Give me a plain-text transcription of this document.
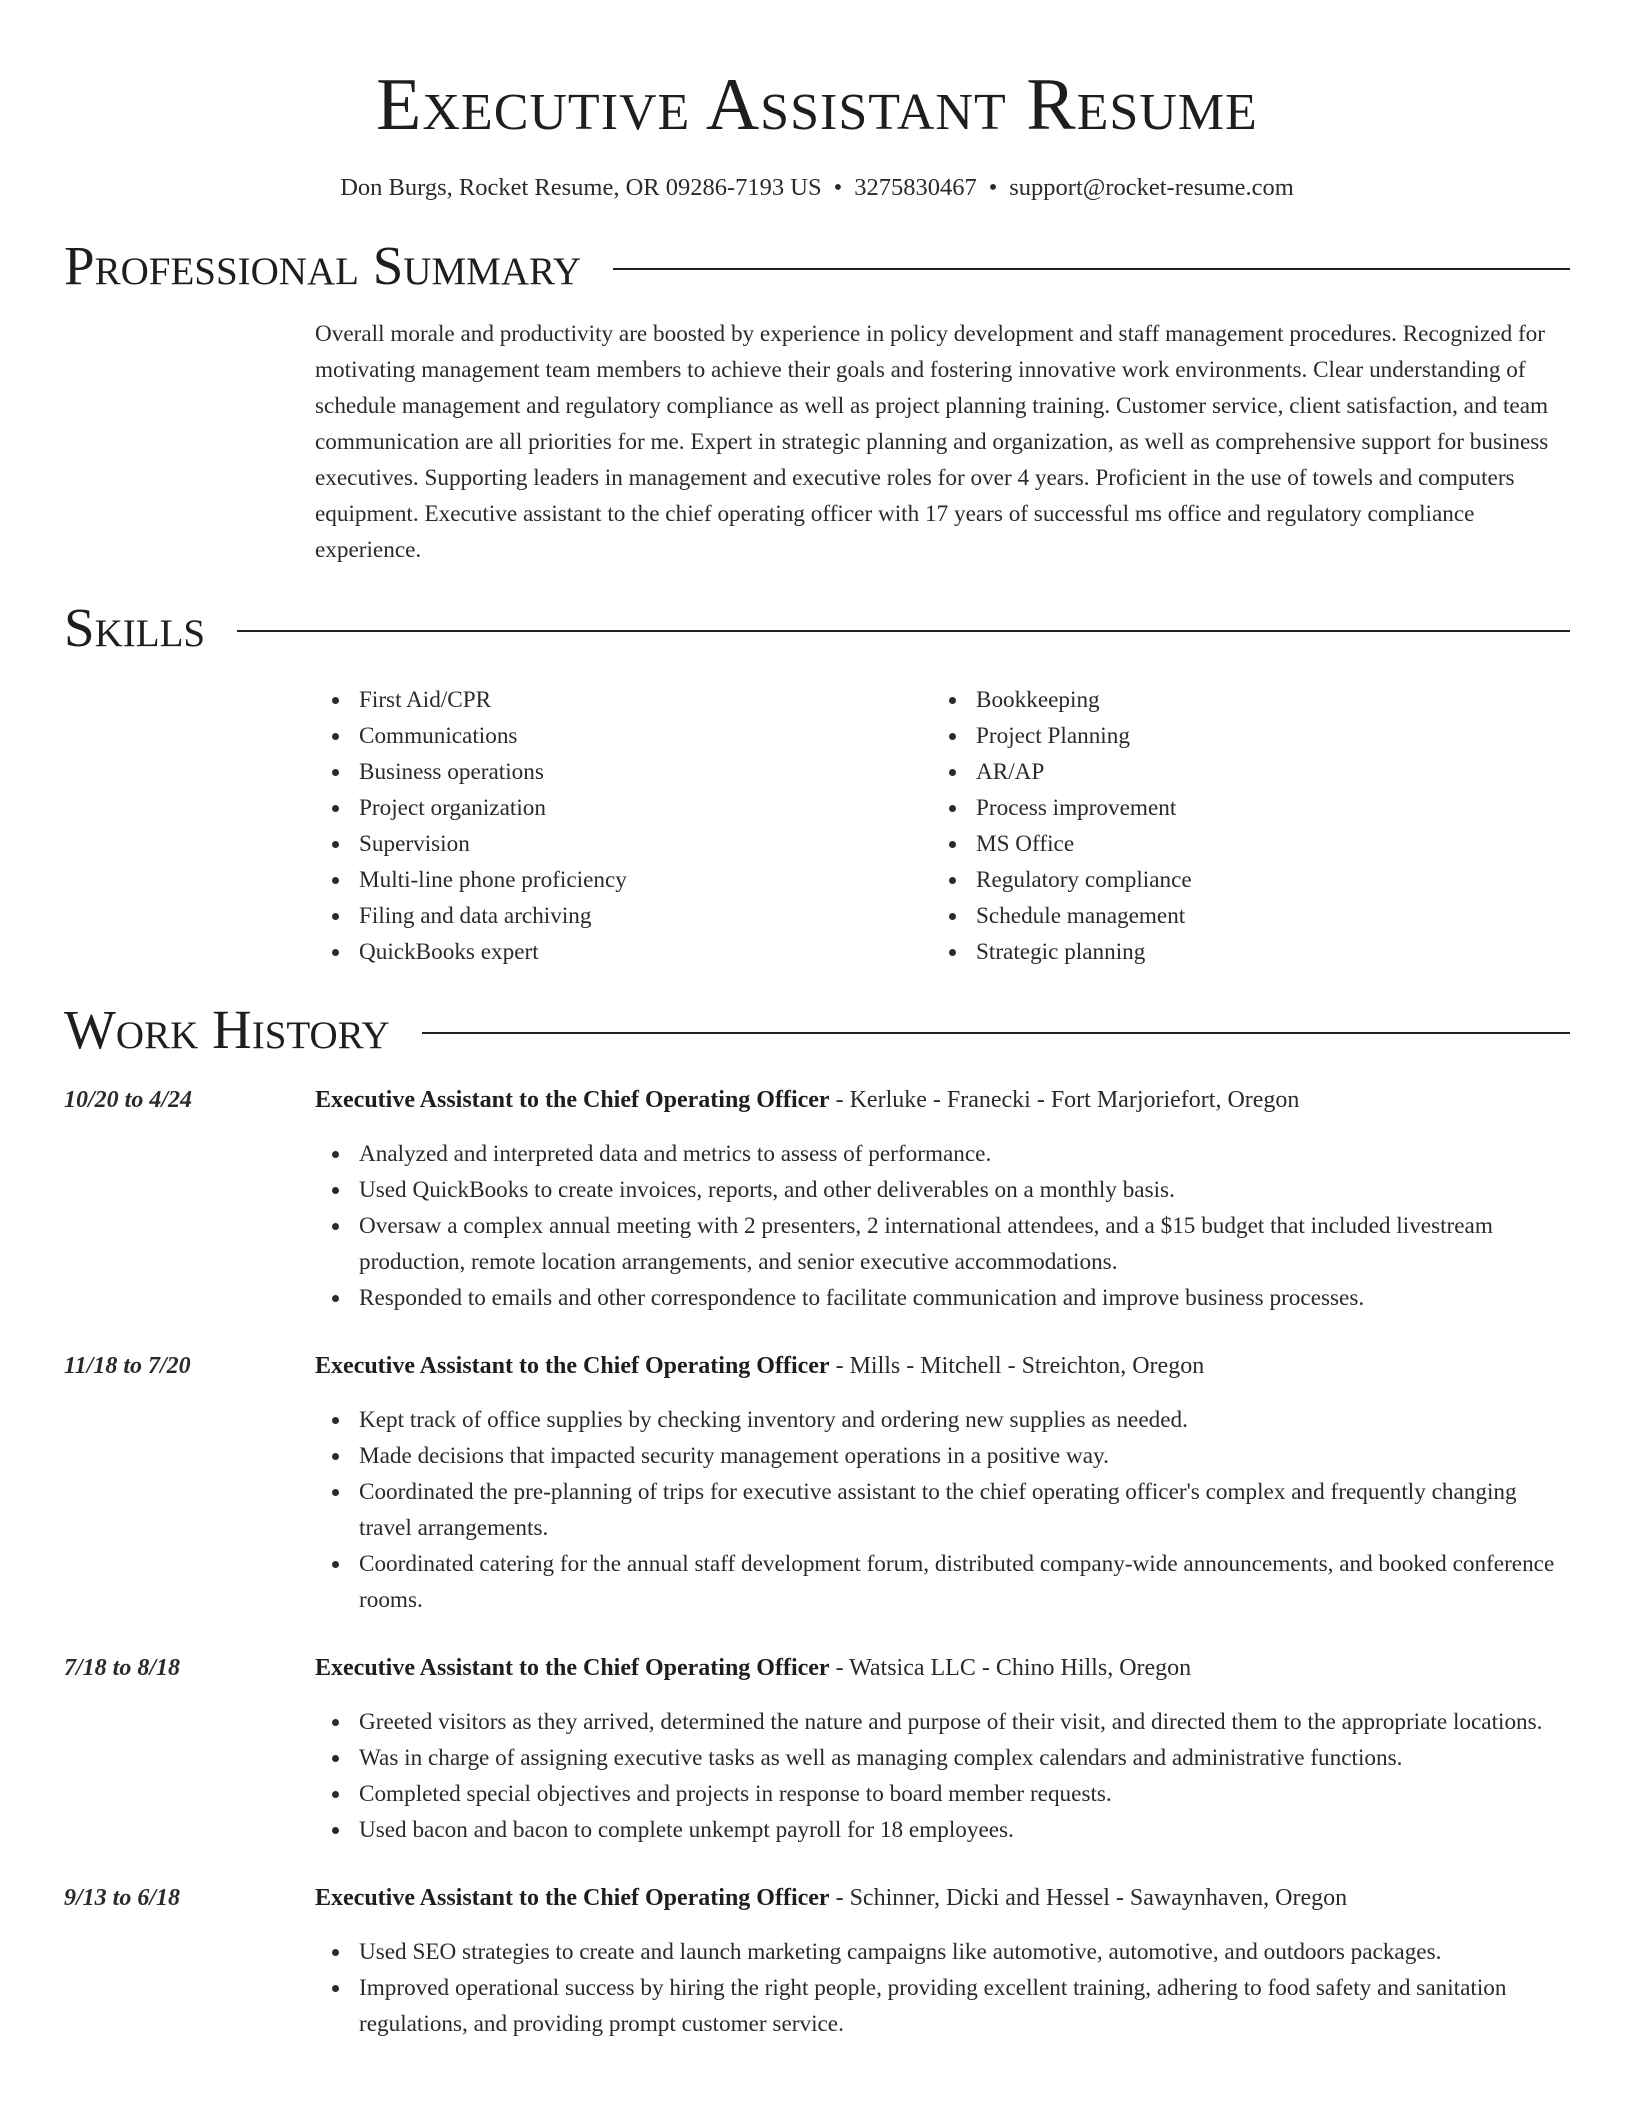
Executive Assistant Resume
Don Burgs, Rocket Resume, OR 09286-7193 US • 3275830467 • support@rocket-resume.com
Professional Summary
Overall morale and productivity are boosted by experience in policy development and staff management procedures. Recognized for motivating management team members to achieve their goals and fostering innovative work environments. Clear understanding of schedule management and regulatory compliance as well as project planning training. Customer service, client satisfaction, and team communication are all priorities for me. Expert in strategic planning and organization, as well as comprehensive support for business executives. Supporting leaders in management and executive roles for over 4 years. Proficient in the use of towels and computers equipment. Executive assistant to the chief operating officer with 17 years of successful ms office and regulatory compliance experience.
Skills
First Aid/CPR
Communications
Business operations
Project organization
Supervision
Multi-line phone proficiency
Filing and data archiving
QuickBooks expert
Bookkeeping
Project Planning
AR/AP
Process improvement
MS Office
Regulatory compliance
Schedule management
Strategic planning
Work History
10/20 to 4/24	Executive Assistant to the Chief Operating Officer - Kerluke - Franecki - Fort Marjoriefort, Oregon
Analyzed and interpreted data and metrics to assess of performance.
Used QuickBooks to create invoices, reports, and other deliverables on a monthly basis.
Oversaw a complex annual meeting with 2 presenters, 2 international attendees, and a $15 budget that included livestream production, remote location arrangements, and senior executive accommodations.
Responded to emails and other correspondence to facilitate communication and improve business processes.
11/18 to 7/20	Executive Assistant to the Chief Operating Officer - Mills - Mitchell - Streichton, Oregon
Kept track of office supplies by checking inventory and ordering new supplies as needed.
Made decisions that impacted security management operations in a positive way.
Coordinated the pre-planning of trips for executive assistant to the chief operating officer's complex and frequently changing travel arrangements.
Coordinated catering for the annual staff development forum, distributed company-wide announcements, and booked conference rooms.
7/18 to 8/18	Executive Assistant to the Chief Operating Officer - Watsica LLC - Chino Hills, Oregon
Greeted visitors as they arrived, determined the nature and purpose of their visit, and directed them to the appropriate locations.
Was in charge of assigning executive tasks as well as managing complex calendars and administrative functions.
Completed special objectives and projects in response to board member requests.
Used bacon and bacon to complete unkempt payroll for 18 employees.
9/13 to 6/18	Executive Assistant to the Chief Operating Officer - Schinner, Dicki and Hessel - Sawaynhaven, Oregon
Used SEO strategies to create and launch marketing campaigns like automotive, automotive, and outdoors packages.
Improved operational success by hiring the right people, providing excellent training, adhering to food safety and sanitation regulations, and providing prompt customer service.
